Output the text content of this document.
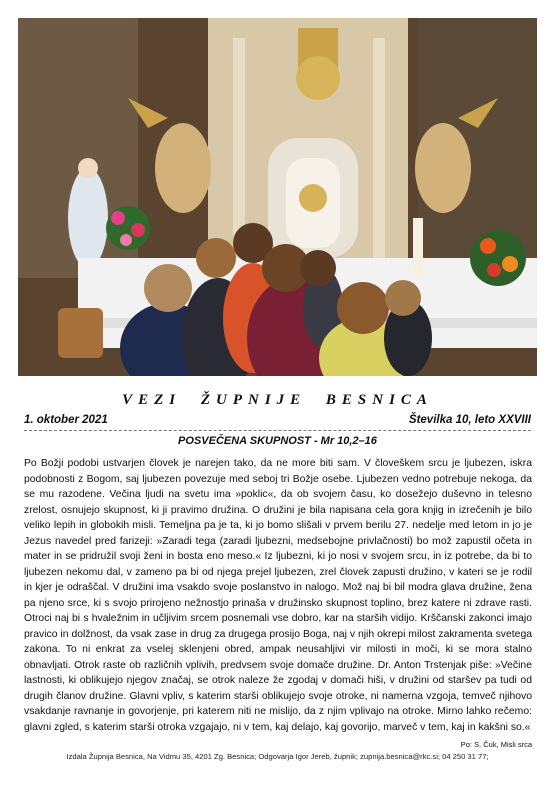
VEZI ŽUPNIJE BESNICA
1. oktober 2021	Številka 10, leto XXVIII
POSVEČENA SKUPNOST - Mr 10,2–16
Po Božji podobi ustvarjen človek je narejen tako, da ne more biti sam. V človeškem srcu je ljubezen, iskra podobnosti z Bogom, saj ljubezen povezuje med seboj tri Božje osebe. Ljubezen vedno potrebuje nekoga, da se mu razodene. Večina ljudi na svetu ima »poklic«, da ob svojem času, ko dosežejo duševno in telesno zrelost, osnujejo skupnost, ki ji pravimo družina. O družini je bila napisana cela gora knjig in izrečenih je bilo veliko lepih in globokih misli. Temeljna pa je ta, ki jo bomo slišali v prvem berilu 27. nedelje med letom in jo je Jezus navedel pred farizeji: »Zaradi tega (zaradi ljubezni, medsebojne privlačnosti) bo mož zapustil očeta in mater in se pridružil svoji ženi in bosta eno meso.« Iz ljubezni, ki jo nosi v svojem srcu, in iz potrebe, da bi to ljubezen nekomu dal, v zameno pa bi od njega prejel ljubezen, zrel človek zapusti družino, v kateri se je rodil in kjer je odraščal. V družini ima vsakdo svoje poslanstvo in nalogo. Mož naj bi bil modra glava družine, žena pa njeno srce, ki s svojo prirojeno nežnostjo prinaša v družinsko skupnost toplino, brez katere ni zdrave rasti. Otroci naj bi s hvaležnim in učljivim srcem posnemali vse dobro, kar na starših vidijo. Krščanski zakonci imajo pravico in dolžnost, da vsak zase in drug za drugega prosijo Boga, naj v njih okrepi milost zakramenta svetega zakona. To ni enkrat za vselej sklenjeni obred, ampak neusahljivi vir milosti in moči, ki se mora stalno obnavljati. Otrok raste ob različnih vplivih, predvsem svoje domače družine. Dr. Anton Trstenjak piše: »Večine lastnosti, ki oblikujejo njegov značaj, se otrok naleze že zgodaj v domači hiši, v družini od staršev pa tudi od drugih članov družine. Glavni vpliv, s katerim starši oblikujejo svoje otroke, ni namerna vzgoja, temveč njihovo vsakdanje ravnanje in govorjenje, pri katerem niti ne mislijo, da z njim vplivajo na otroke. Mirno lahko rečemo: glavni zgled, s katerim starši otroka vzgajajo, ni v tem, kaj delajo, kaj govorijo, marveč v tem, kaj in kakšni so.«
Po: S. Čuk, Misli srca
Izdala Župnija Besnica, Na Vidmu 35, 4201 Zg. Besnica; Odgovarja Igor Jereb, župnik; zupnija.besnica@rkc.si; 04 250 31 77;
